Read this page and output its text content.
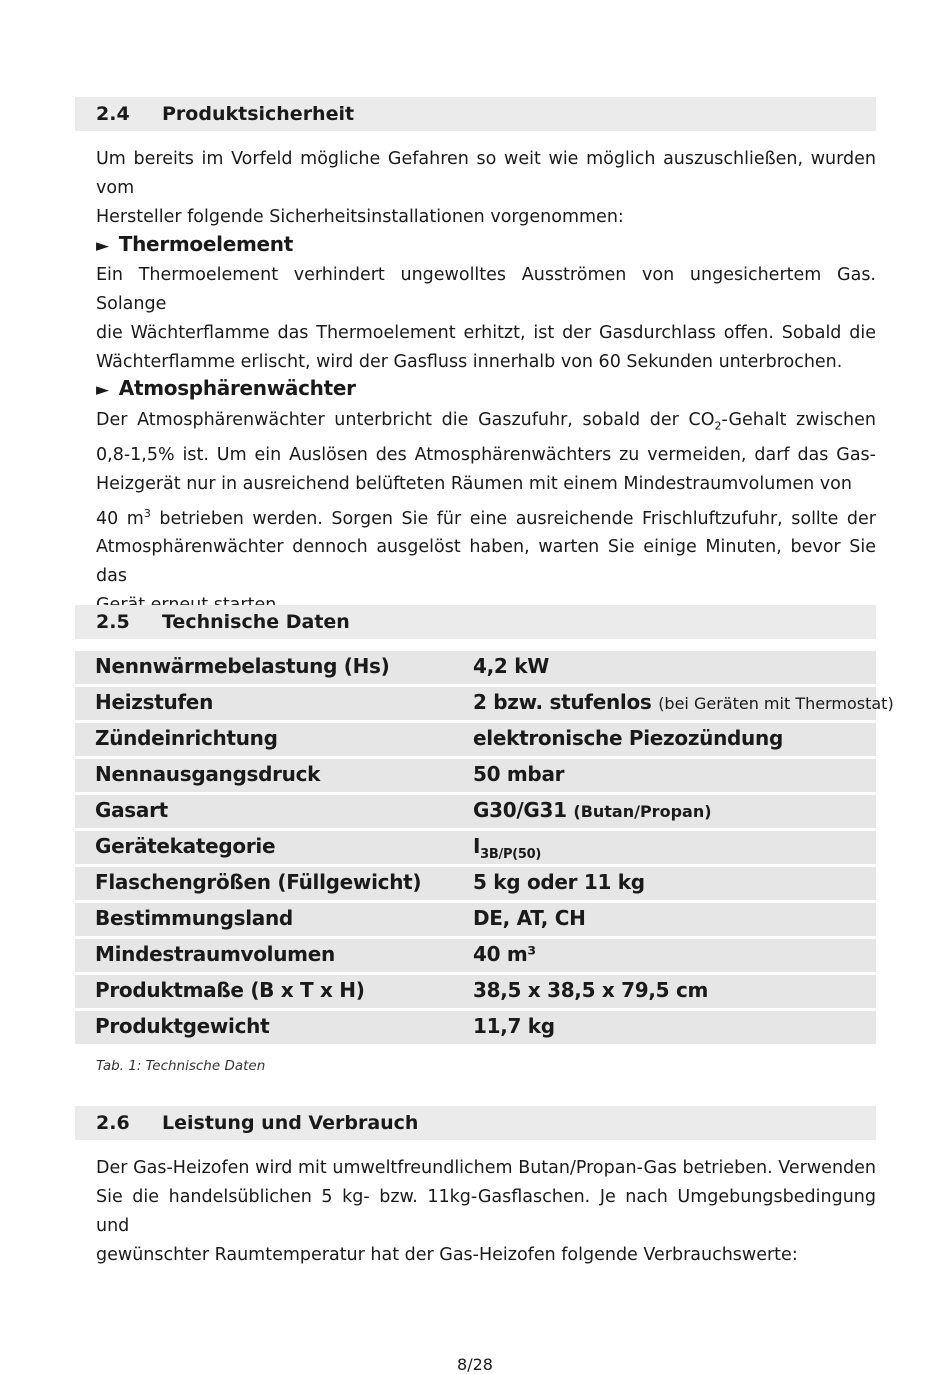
2.4 Produktsicherheit

Um bereits im Vorfeld mögliche Gefahren so weit wie möglich auszuschließen, wurden vom
Hersteller folgende Sicherheitsinstallationen vorgenommen:

► Thermoelement

Ein Thermoelement verhindert ungewolltes Ausströmen von ungesichertem Gas. Solange
die Wächterflamme das Thermoelement erhitzt, ist der Gasdurchlass offen. Sobald die
Wächterflamme erlischt, wird der Gasfluss innerhalb von 60 Sekunden unterbrochen.

► Atmosphärenwächter

Der Atmosphärenwächter unterbricht die Gaszufuhr, sobald der $CO_2$-Gehalt zwischen
0,8-1,5% ist. Um ein Auslösen des Atmosphärenwächters zu vermeiden, darf das Gas-
Heizgerät nur in ausreichend belüfteten Räumen mit einem Mindestraumvolumen von
40 $m^3$ betrieben werden. Sorgen Sie für eine ausreichende Frischluftzufuhr, sollte der
Atmosphärenwächter dennoch ausgelöst haben, warten Sie einige Minuten, bevor Sie das

2.5 Technische Daten
Nennwärmebelastung (Hs)	4,2 kW
Heizstufen	2 bzw. stufenlos (bei Geräten mit Thermostat)
Zündeinrichtung	elektronische Piezozündung
Nennausgangsdruck	50 mbar
Gasart	G30/G31 (Butan/Propan)
Gerätekategorie	$I_{3B/P(50)}$
Flaschengrößen (Füllgewicht)	5 kg oder 11 kg
Bestimmungsland	DE, AT, CH
Mindestraumvolumen	40 m³
Produktmaße (B x T x H)	38,5 x 38,5 x 79,5 cm
Produktgewicht	11,7 kg
Tab. 1: Technische Daten
2.6 Leistung und Verbrauch

Der Gas-Heizofen wird mit umweltfreundlichem Butan/Propan-Gas betrieben. Verwenden
Sie die handelsüblichen 5 kg- bzw. 11kg-Gasflaschen. Je nach Umgebungsbedingung und
gewünschter Raumtemperatur hat der Gas-Heizofen folgende Verbrauchswerte:

8/28
